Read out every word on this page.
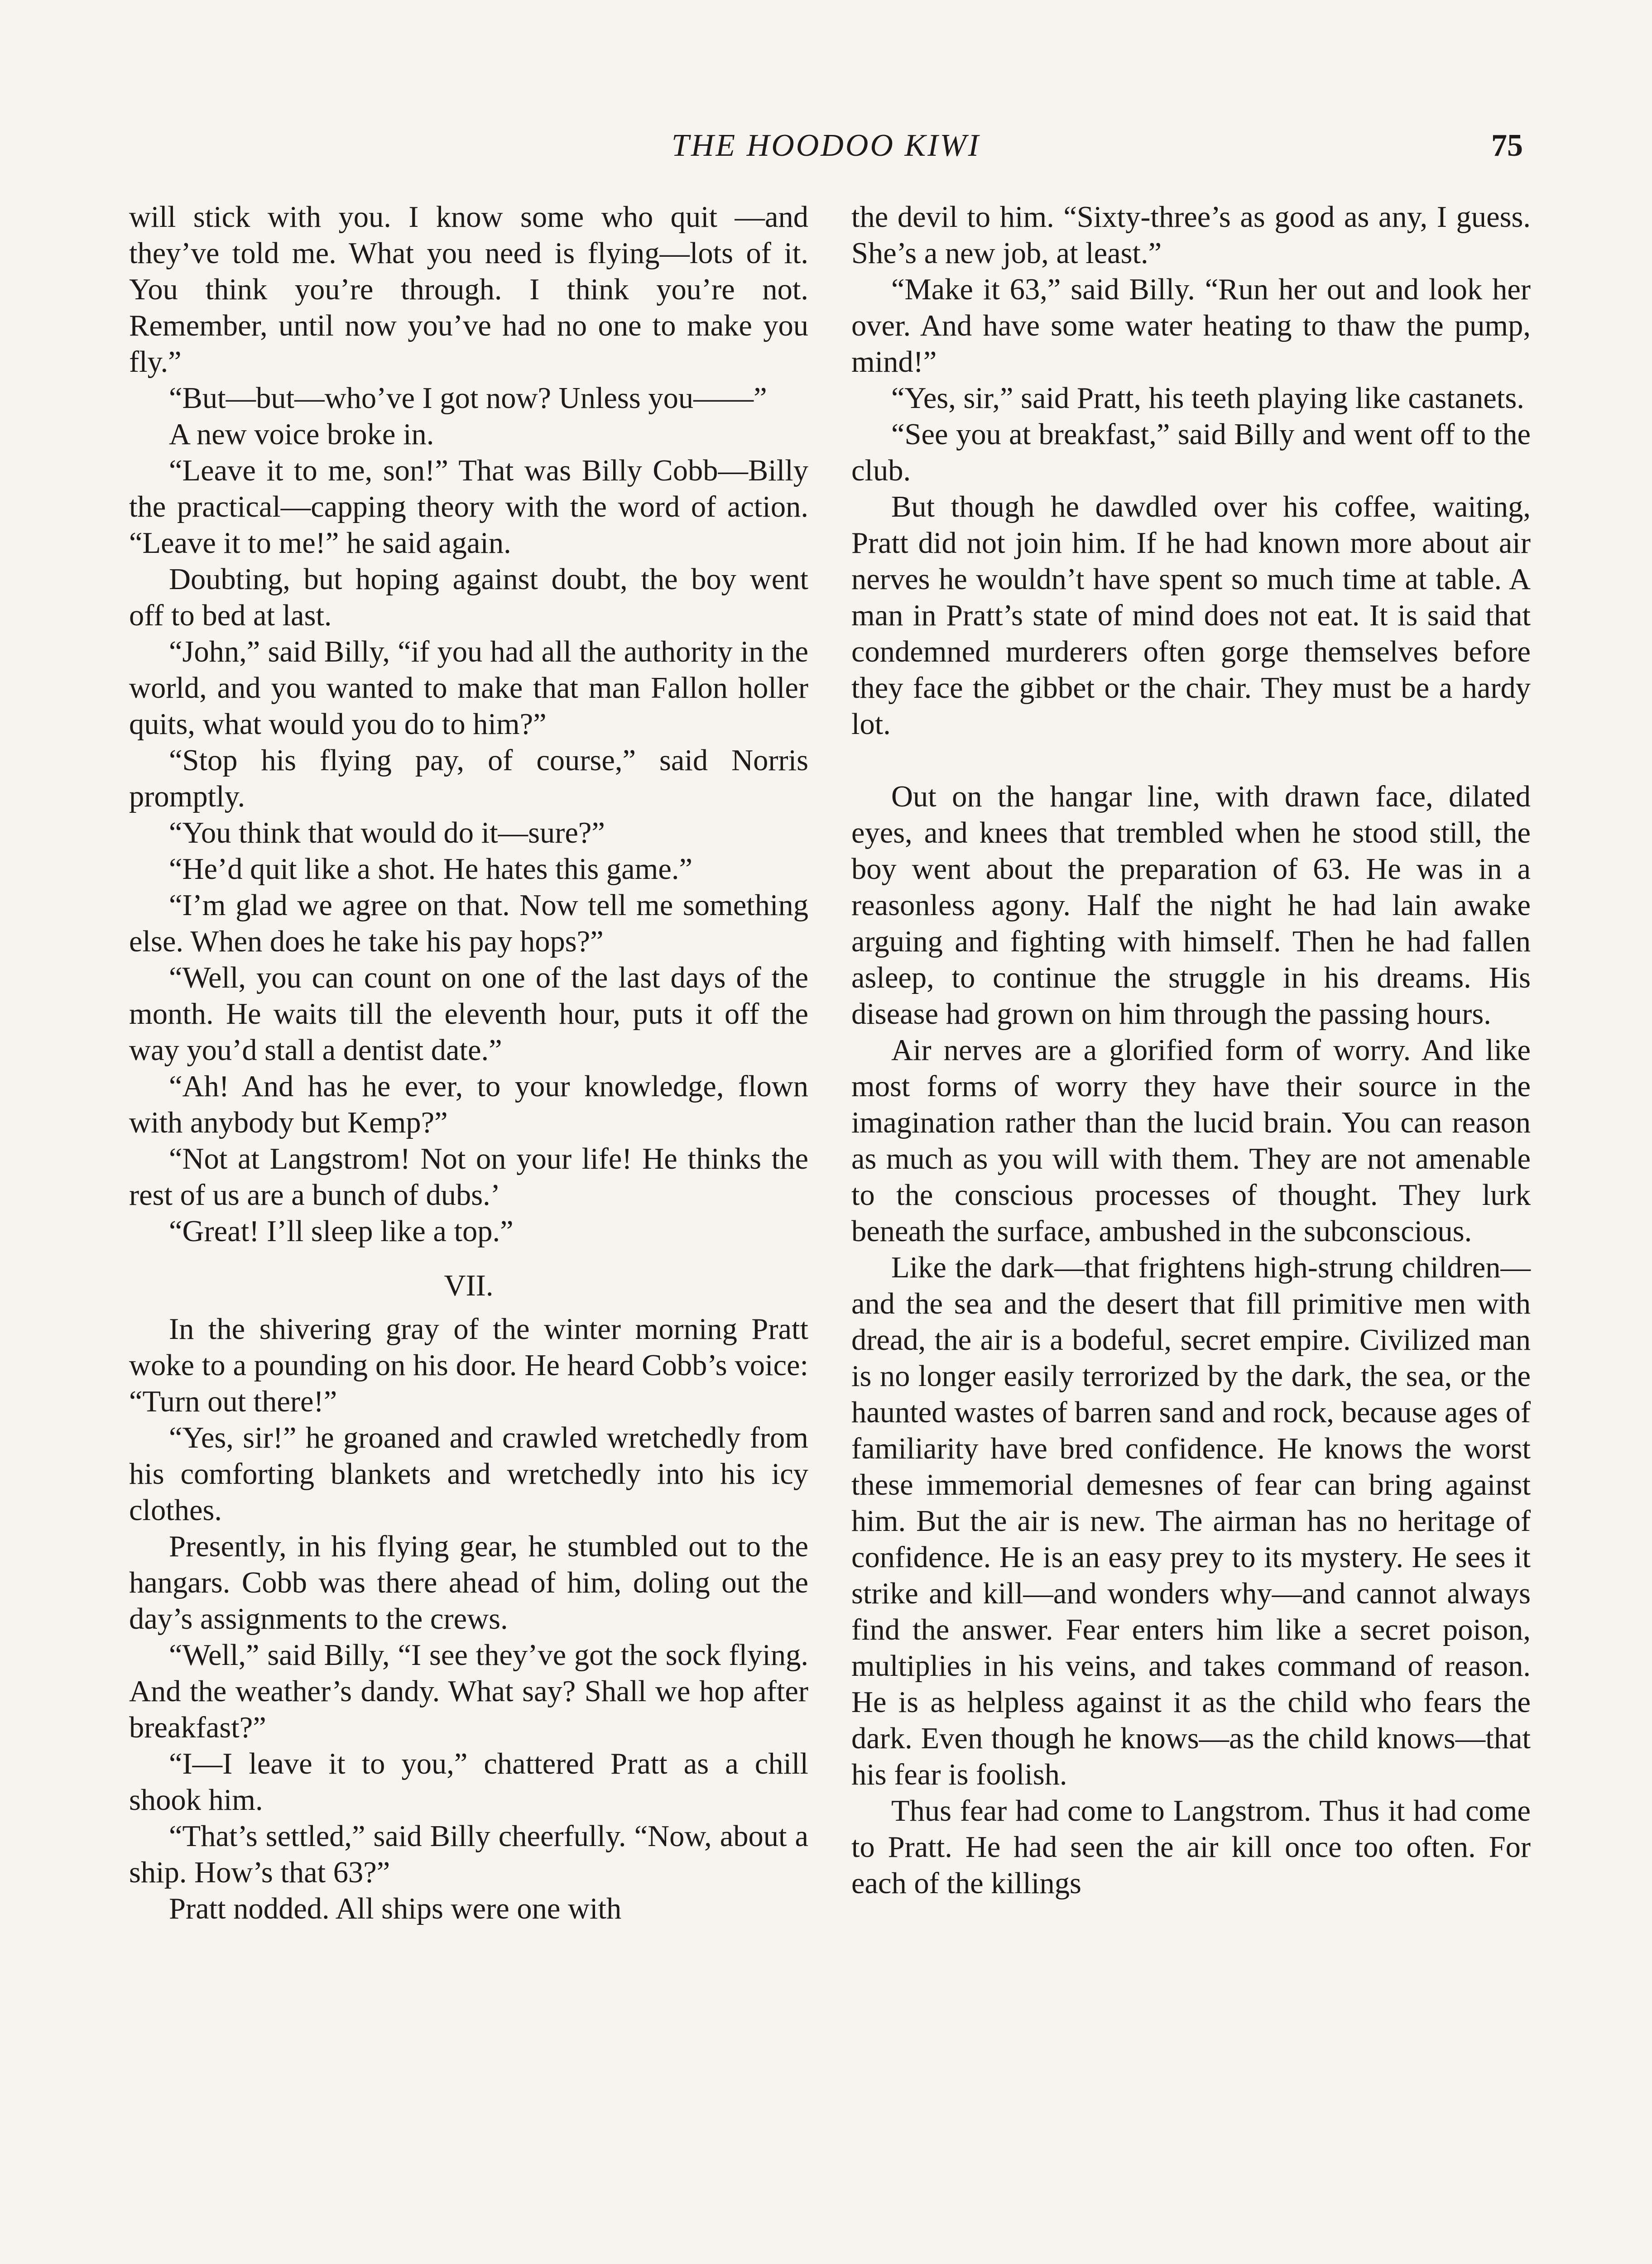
THE HOODOO KIWI	75

will stick with you. I know some who quit —and they’ve told me. What you need is flying—lots of it. You think you’re through. I think you’re not. Remember, until now you’ve had no one to make you fly.”

“But—but—who’ve I got now? Unless you——”

A new voice broke in.

“Leave it to me, son!” That was Billy Cobb—Billy the practical—capping theory with the word of action. “Leave it to me!” he said again.

Doubting, but hoping against doubt, the boy went off to bed at last.

“John,” said Billy, “if you had all the authority in the world, and you wanted to make that man Fallon holler quits, what would you do to him?”

“Stop his flying pay, of course,” said Norris promptly.

“You think that would do it—sure?”

“He’d quit like a shot. He hates this game.”

“I’m glad we agree on that. Now tell me something else. When does he take his pay hops?”

“Well, you can count on one of the last days of the month. He waits till the eleventh hour, puts it off the way you’d stall a dentist date.”

“Ah! And has he ever, to your knowledge, flown with anybody but Kemp?”

“Not at Langstrom! Not on your life! He thinks the rest of us are a bunch of dubs.’

“Great! I’ll sleep like a top.”

VII.

In the shivering gray of the winter morning Pratt woke to a pounding on his door. He heard Cobb’s voice: “Turn out there!”

“Yes, sir!” he groaned and crawled wretchedly from his comforting blankets and wretchedly into his icy clothes.

Presently, in his flying gear, he stumbled out to the hangars. Cobb was there ahead of him, doling out the day’s assignments to the crews.

“Well,” said Billy, “I see they’ve got the sock flying. And the weather’s dandy. What say? Shall we hop after breakfast?”

“I—I leave it to you,” chattered Pratt as a chill shook him.

“That’s settled,” said Billy cheerfully. “Now, about a ship. How’s that 63?”

Pratt nodded. All ships were one with

the devil to him. “Sixty-three’s as good as any, I guess. She’s a new job, at least.”

“Make it 63,” said Billy. “Run her out and look her over. And have some water heating to thaw the pump, mind!”

“Yes, sir,” said Pratt, his teeth playing like castanets.

“See you at breakfast,” said Billy and went off to the club.

But though he dawdled over his coffee, waiting, Pratt did not join him. If he had known more about air nerves he wouldn’t have spent so much time at table. A man in Pratt’s state of mind does not eat. It is said that condemned murderers often gorge themselves before they face the gibbet or the chair. They must be a hardy lot.

Out on the hangar line, with drawn face, dilated eyes, and knees that trembled when he stood still, the boy went about the preparation of 63. He was in a reasonless agony. Half the night he had lain awake arguing and fighting with himself. Then he had fallen asleep, to continue the struggle in his dreams. His disease had grown on him through the passing hours.

Air nerves are a glorified form of worry. And like most forms of worry they have their source in the imagination rather than the lucid brain. You can reason as much as you will with them. They are not amenable to the conscious processes of thought. They lurk beneath the surface, ambushed in the subconscious.

Like the dark—that frightens high-strung children—and the sea and the desert that fill primitive men with dread, the air is a bodeful, secret empire. Civilized man is no longer easily terrorized by the dark, the sea, or the haunted wastes of barren sand and rock, because ages of familiarity have bred confidence. He knows the worst these immemorial demesnes of fear can bring against him. But the air is new. The airman has no heritage of confidence. He is an easy prey to its mystery. He sees it strike and kill—and wonders why—and cannot always find the answer. Fear enters him like a secret poison, multiplies in his veins, and takes command of reason. He is as helpless against it as the child who fears the dark. Even though he knows—as the child knows—that his fear is foolish.

Thus fear had come to Langstrom. Thus it had come to Pratt. He had seen the air kill once too often. For each of the killings
